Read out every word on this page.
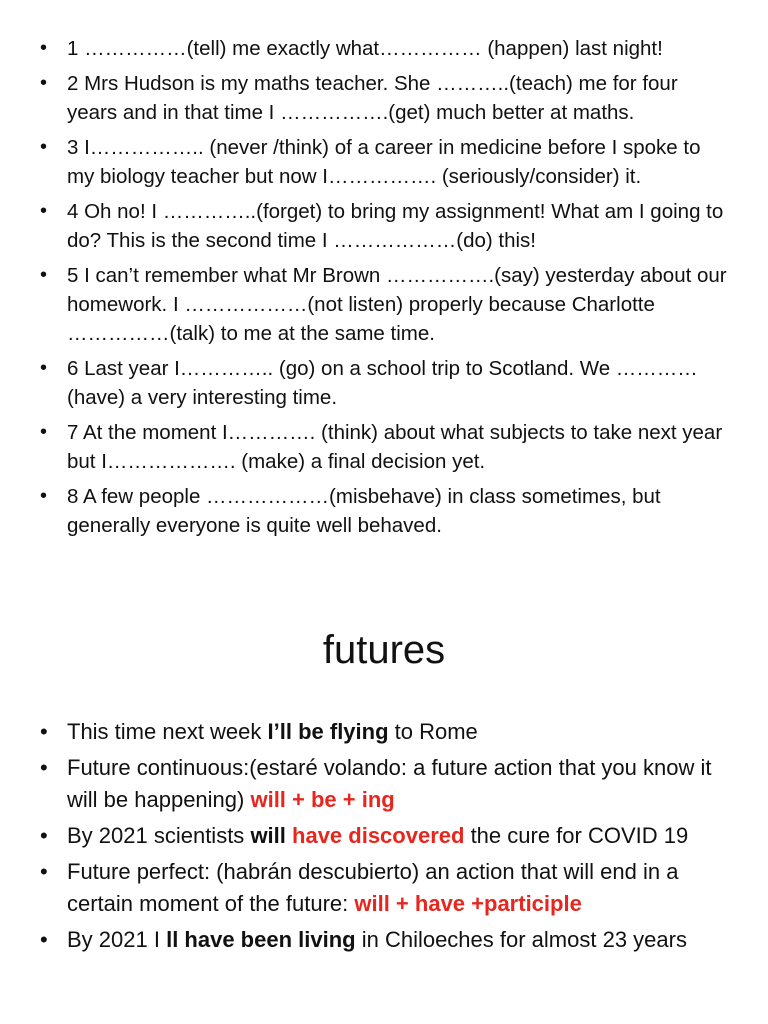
• 1 ……………(tell) me exactly what…………… (happen) last night!
• 2 Mrs Hudson is my maths teacher. She ………..(teach) me for four years and in that time I …………….(get) much better at maths.
• 3 I…………….. (never /think) of a career in medicine before I spoke to my biology teacher but now I……………. (seriously/consider) it.
• 4 Oh no! I …………..(forget) to bring my assignment! What am I going to do? This is the second time I ………………(do) this!
• 5 I can’t remember what Mr Brown …………….(say) yesterday about our homework. I ………………(not listen) properly because Charlotte ……………(talk) to me at the same time.
• 6 Last year I………….. (go) on a school trip to Scotland. We ………… (have) a very interesting time.
• 7 At the moment I…………. (think) about what subjects to take next year but I………………. (make) a final decision yet.
• 8 A few people ………………(misbehave) in class sometimes, but generally everyone is quite well behaved.
futures
• This time next week I’ll be flying to Rome
• Future continuous:(estaré volando: a future action that you know it will be happening) will + be + ing
• By 2021 scientists will have discovered the cure for COVID 19
• Future perfect: (habrán descubierto) an action that will end in a certain moment of the future: will + have +participle
• By 2021 I ll have been living in Chiloeches for almost 23 years
